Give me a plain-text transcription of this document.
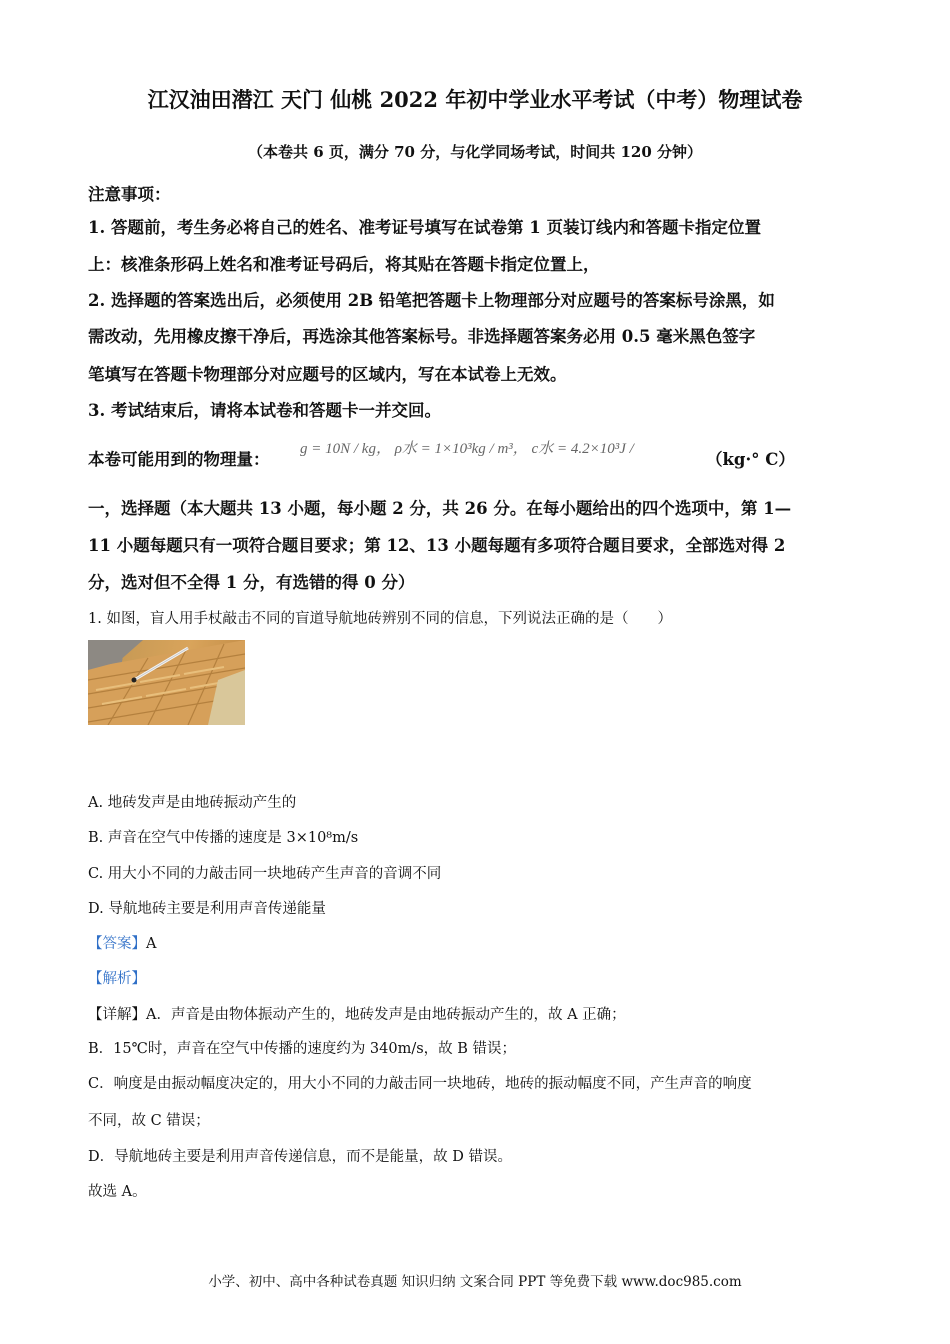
江汉油田潜江 天门 仙桃 2022 年初中学业水平考试（中考）物理试卷
（本卷共 6 页，满分 70 分，与化学同场考试，时间共 120 分钟）
注意事项：
1. 答题前，考生务必将自己的姓名、准考证号填写在试卷第 1 页装订线内和答题卡指定位置
上：核准条形码上姓名和准考证号码后，将其贴在答题卡指定位置上，
2. 选择题的答案选出后，必须使用 2B 铅笔把答题卡上物理部分对应题号的答案标号涂黑，如
需改动，先用橡皮擦干净后，再选涂其他答案标号。非选择题答案务必用 0.5 毫米黑色签字
笔填写在答题卡物理部分对应题号的区域内，写在本试卷上无效。
3. 考试结束后，请将本试卷和答题卡一并交回。
本卷可能用到的物理量：
g = 10N / kg， ρ水 = 1×10³kg / m³， c水 = 4.2×10³J /
（kg·° C）
一，选择题（本大题共 13 小题，每小题 2 分，共 26 分。在每小题给出的四个选项中，第 1—
11 小题每题只有一项符合题目要求；第 12、13 小题每题有多项符合题目要求，全部选对得 2
分，选对但不全得 1 分，有选错的得 0 分）
1. 如图，盲人用手杖敲击不同的盲道导航地砖辨别不同的信息，下列说法正确的是（　　）
A. 地砖发声是由地砖振动产生的
B. 声音在空气中传播的速度是 3×10⁸m/s
C. 用大小不同的力敲击同一块地砖产生声音的音调不同
D. 导航地砖主要是利用声音传递能量
【答案】A
【解析】
【详解】A．声音是由物体振动产生的，地砖发声是由地砖振动产生的，故 A 正确；
B．15℃时，声音在空气中传播的速度约为 340m/s，故 B 错误；
C．响度是由振动幅度决定的，用大小不同的力敲击同一块地砖，地砖的振动幅度不同，产生声音的响度
不同，故 C 错误；
D．导航地砖主要是利用声音传递信息，而不是能量，故 D 错误。
故选 A。
小学、初中、高中各种试卷真题 知识归纳 文案合同 PPT 等免费下载 www.doc985.com
